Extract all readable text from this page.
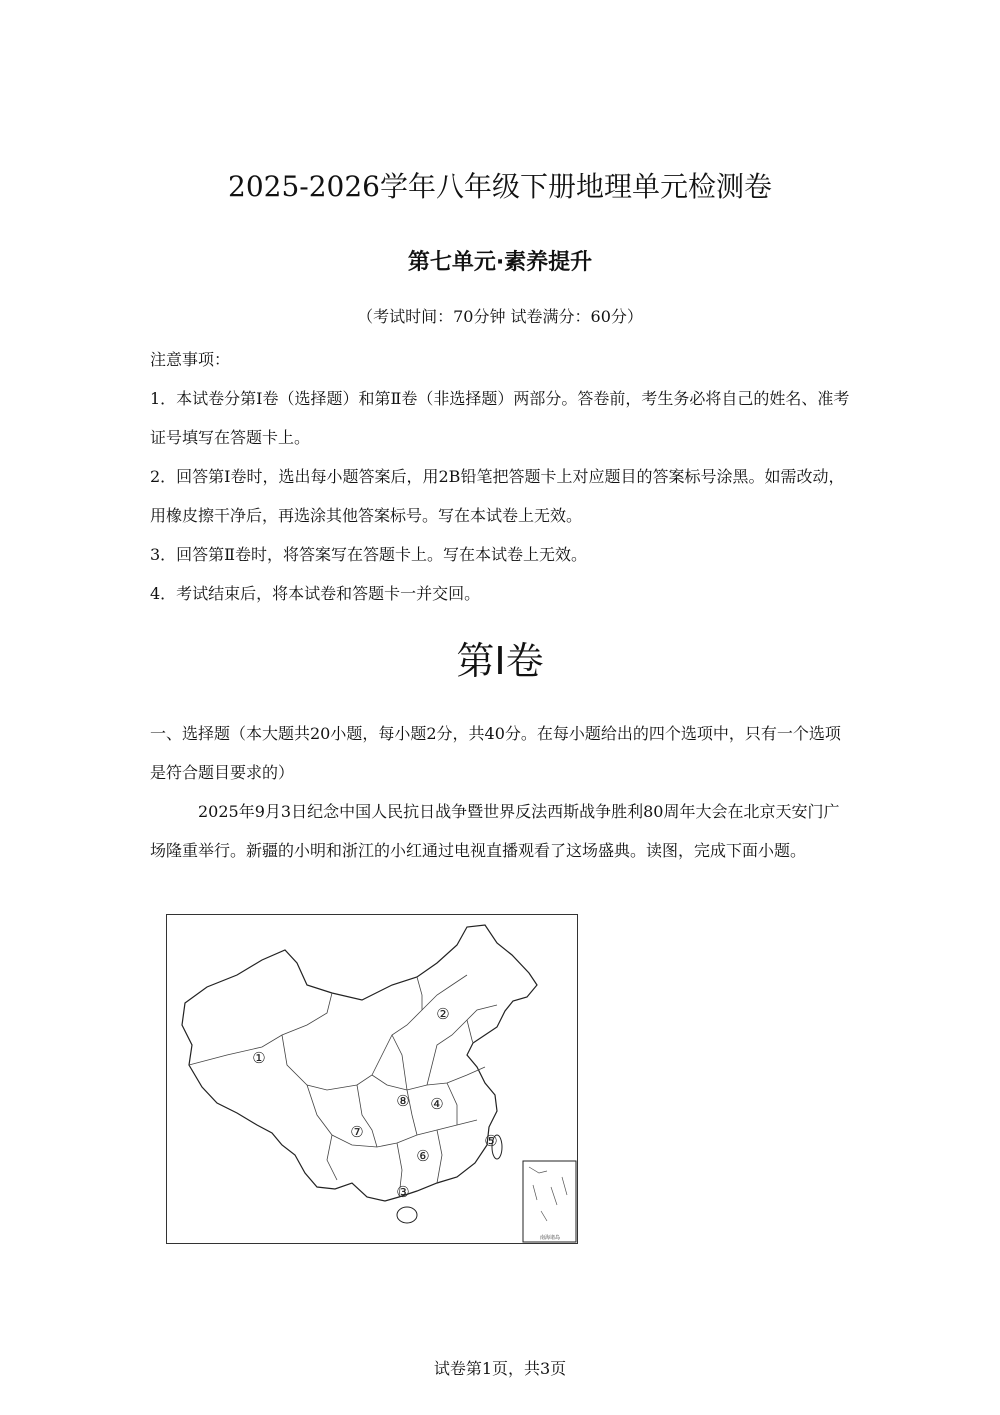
2025-2026学年八年级下册地理单元检测卷
第七单元·素养提升
（考试时间：70分钟 试卷满分：60分）

注意事项：

1．本试卷分第Ⅰ卷（选择题）和第Ⅱ卷（非选择题）两部分。答卷前，考生务必将自己的姓名、准考证号填写在答题卡上。

2．回答第Ⅰ卷时，选出每小题答案后，用2B铅笔把答题卡上对应题目的答案标号涂黑。如需改动，用橡皮擦干净后，再选涂其他答案标号。写在本试卷上无效。

3．回答第Ⅱ卷时，将答案写在答题卡上。写在本试卷上无效。

4．考试结束后，将本试卷和答题卡一并交回。

第Ⅰ卷

一、选择题（本大题共20小题，每小题2分，共40分。在每小题给出的四个选项中，只有一个选项是符合题目要求的）

2025年9月3日纪念中国人民抗日战争暨世界反法西斯战争胜利80周年大会在北京天安门广场隆重举行。新疆的小明和浙江的小红通过电视直播观看了这场盛典。读图，完成下面小题。

①
②
③
④
⑤
⑥
⑦
⑧
南海诸岛
试卷第1页，共3页
